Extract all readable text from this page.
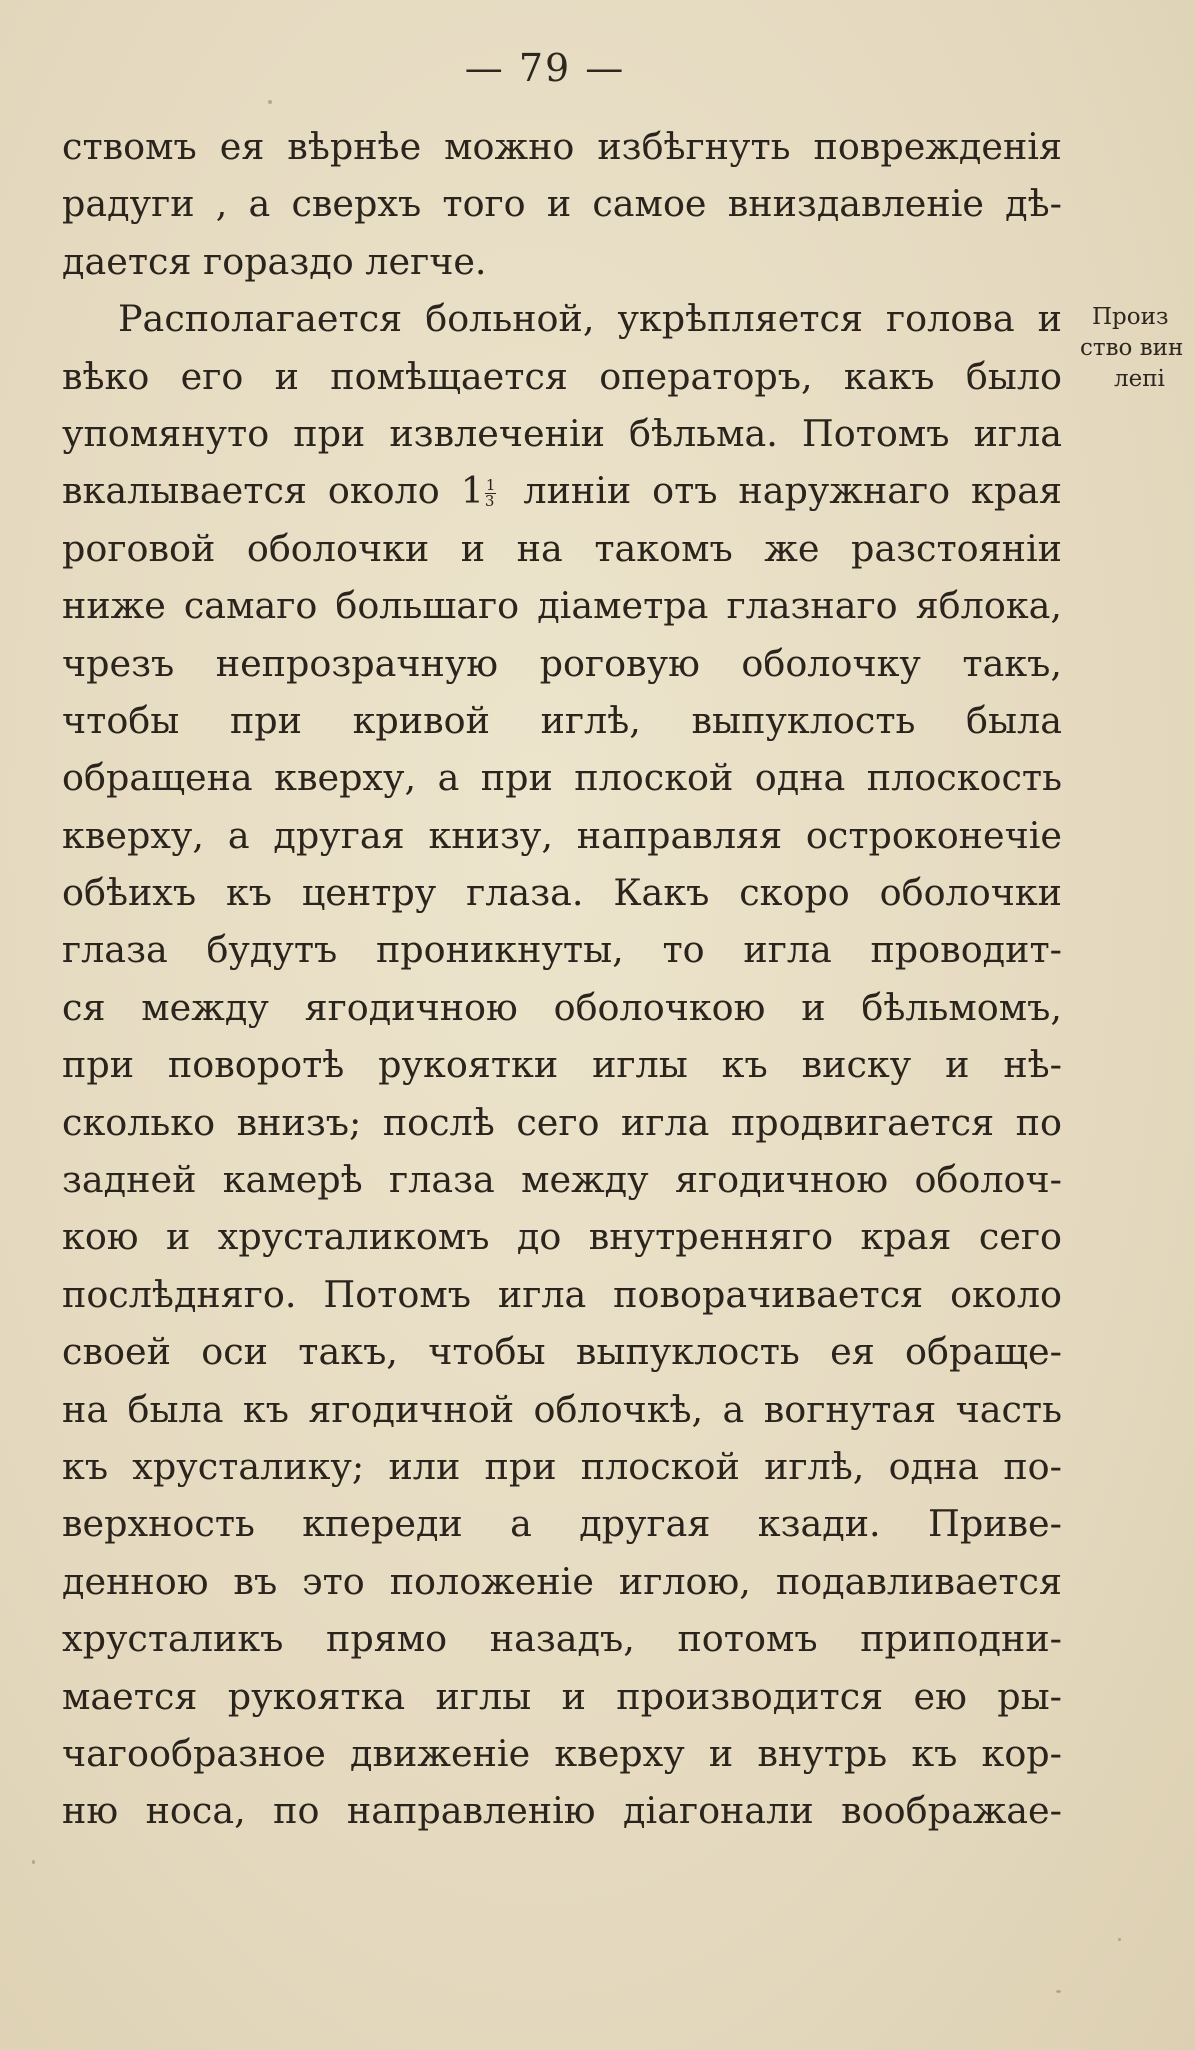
— 79 —
Произ
ство вин
лепі
ствомъ ея вѣрнѣе можно избѣгнуть поврежденія
радуги , а сверхъ того и самое вниздавленіе дѣ-
дается гораздо легче.
Располагается больной, укрѣпляется голова и
вѣко его и помѣщается операторъ, какъ было
упомянуто при извлеченіи бѣльма. Потомъ игла
вкалывается около $1 \frac{1}{3}$ линіи отъ наружнаго края
роговой оболочки и на такомъ же разстояніи
ниже самаго большаго діаметра глазнаго яблока,
чрезъ непрозрачную роговую оболочку такъ,
чтобы при кривой иглѣ, выпуклость была
обращена кверху, а при плоской одна плоскость
кверху, а другая книзу, направляя остроконечіе
обѣихъ къ центру глаза. Какъ скоро оболочки
глаза будутъ проникнуты, то игла проводит-
ся между ягодичною оболочкою и бѣльмомъ,
при поворотѣ рукоятки иглы къ виску и нѣ-
сколько внизъ; послѣ сего игла продвигается по
задней камерѣ глаза между ягодичною оболоч-
кою и хрусталикомъ до внутренняго края сего
послѣдняго. Потомъ игла поворачивается около
своей оси такъ, чтобы выпуклость ея обраще-
на была къ ягодичной облочкѣ, а вогнутая часть
къ хрусталику; или при плоской иглѣ, одна по-
верхность кпереди а другая кзади. Приве-
денною въ это положеніе иглою, подавливается
хрусталикъ прямо назадъ, потомъ приподни-
мается рукоятка иглы и производится ею ры-
чагообразное движеніе кверху и внутрь къ кор-
ню носа, по направленію діагонали воображае-
